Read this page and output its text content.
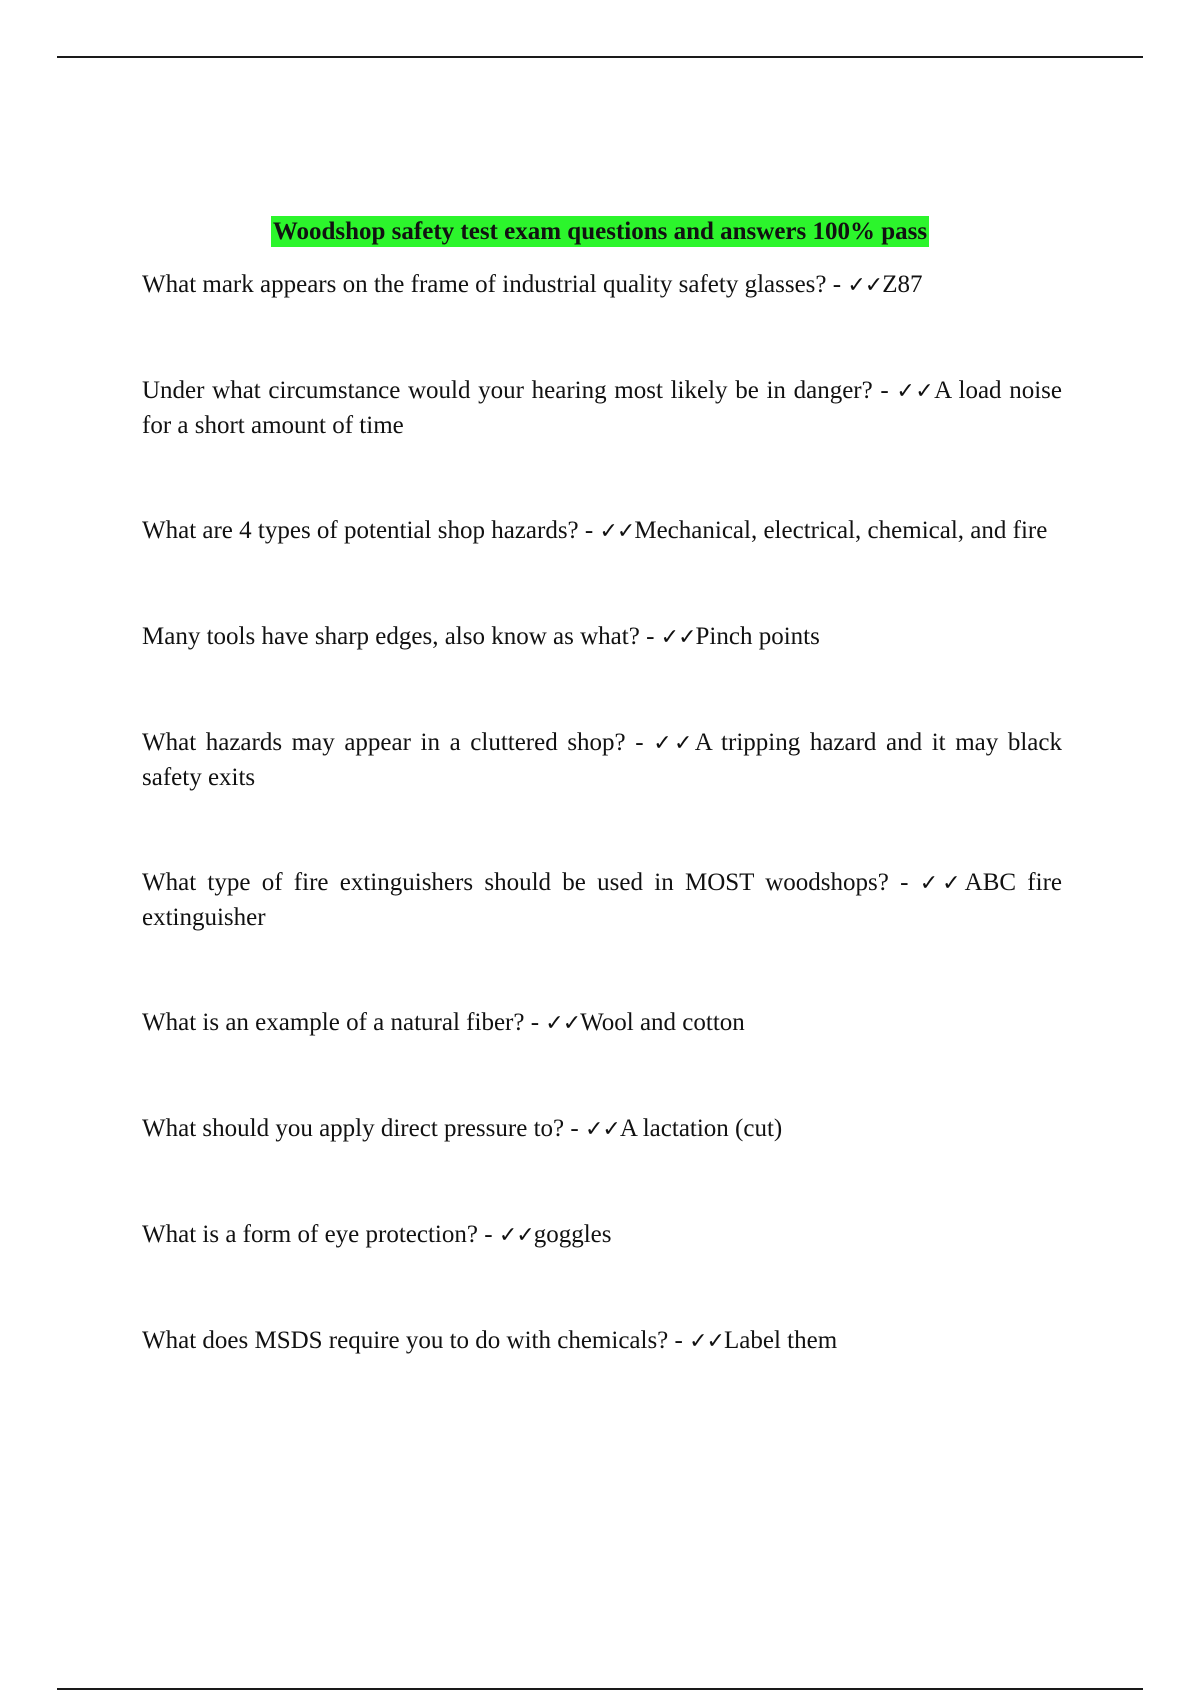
Woodshop safety test exam questions and answers 100% pass

What mark appears on the frame of industrial quality safety glasses? - ✓✓Z87

Under what circumstance would your hearing most likely be in danger? - ✓✓A load noise for a short amount of time

What are 4 types of potential shop hazards? - ✓✓Mechanical, electrical, chemical, and fire

Many tools have sharp edges, also know as what? - ✓✓Pinch points

What hazards may appear in a cluttered shop? - ✓✓A tripping hazard and it may black safety exits

What type of fire extinguishers should be used in MOST woodshops? - ✓✓ABC fire extinguisher

What is an example of a natural fiber? - ✓✓Wool and cotton

What should you apply direct pressure to? - ✓✓A lactation (cut)

What is a form of eye protection? - ✓✓goggles

What does MSDS require you to do with chemicals? - ✓✓Label them
